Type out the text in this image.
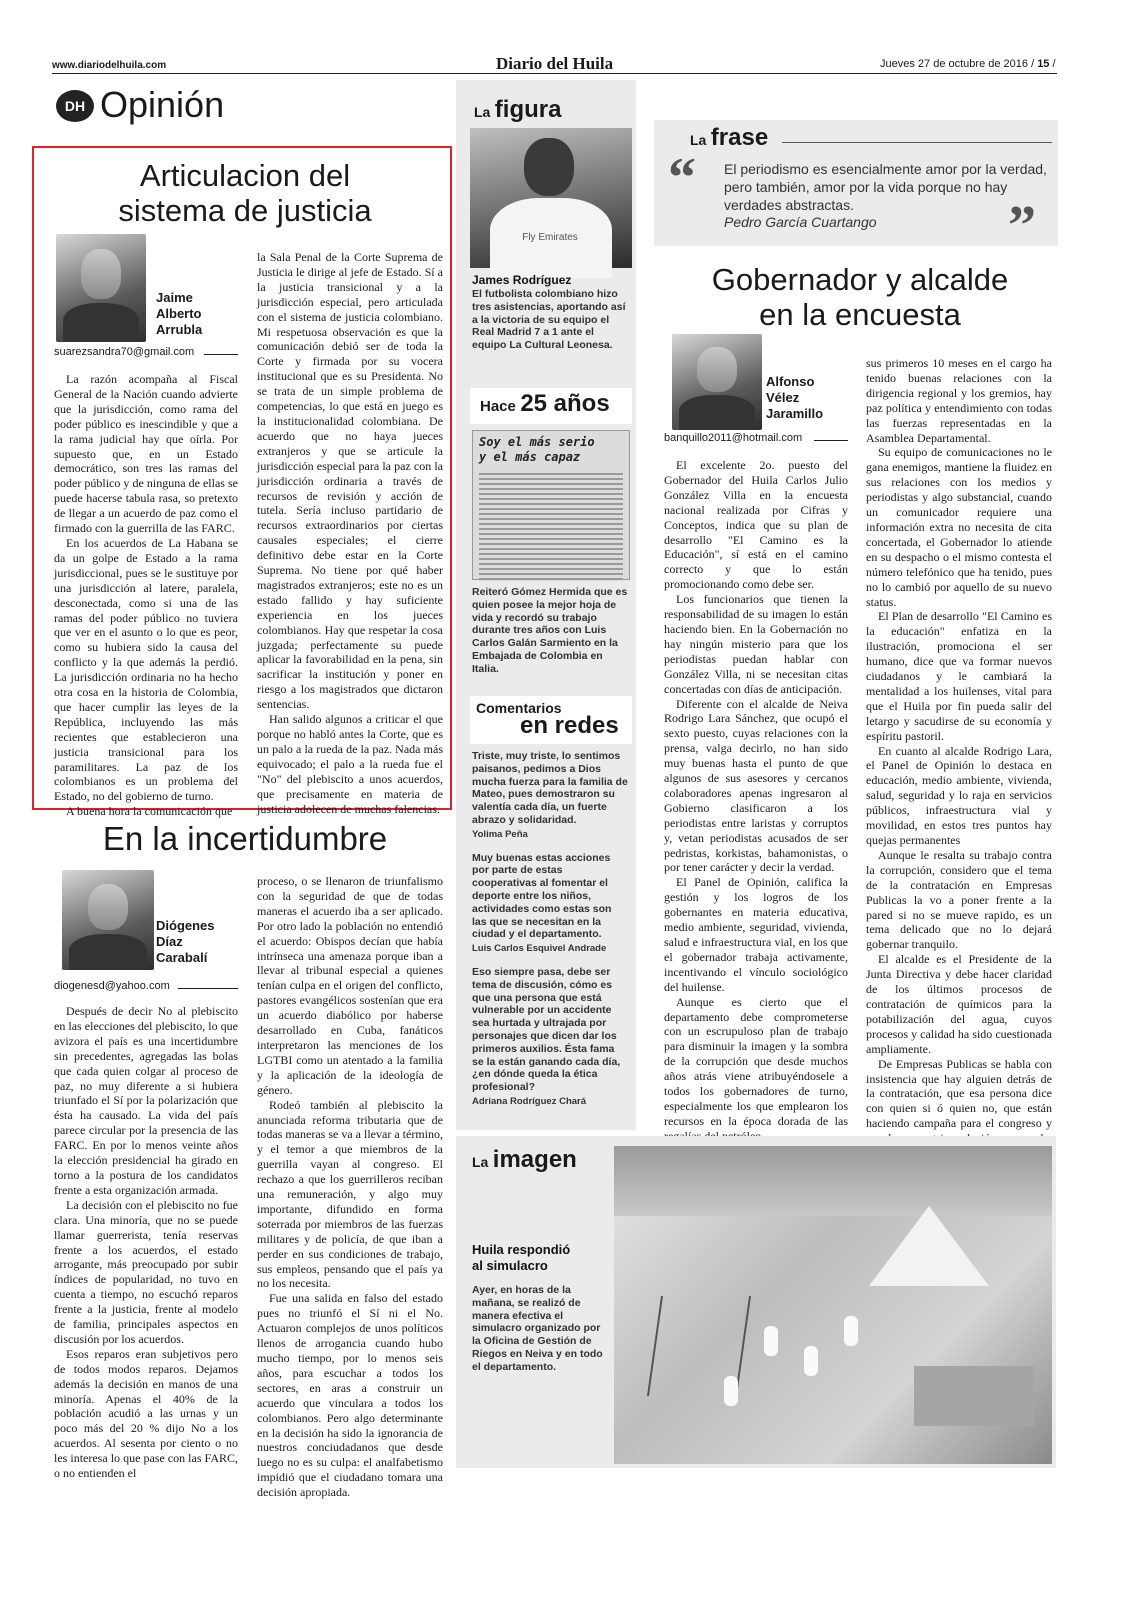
www.diariodelhuila.com	Diario del Huila	Jueves 27 de octubre de 2016 / 15 /
DH Opinión
Articulacion del
sistema de justicia
Jaime
Alberto
Arrubla
suarezsandra70@gmail.com

La razón acompaña al Fiscal General de la Nación cuando advierte que la jurisdicción, como rama del poder público es inescindible y que a la rama judicial hay que oírla. Por supuesto que, en un Estado democrático, son tres las ramas del poder público y de ninguna de ellas se puede hacerse tabula rasa, so pretexto de llegar a un acuerdo de paz como el firmado con la guerrilla de las FARC.

En los acuerdos de La Habana se da un golpe de Estado a la rama jurisdiccional, pues se le sustituye por una jurisdicción al latere, paralela, desconectada, como si una de las ramas del poder público no tuviera que ver en el asunto o lo que es peor, como su hubiera sido la causa del conflicto y la que además la perdió. La jurisdicción ordinaria no ha hecho otra cosa en la historia de Colombia, que hacer cumplir las leyes de la República, incluyendo las más recientes que establecieron una justicia transicional para los paramilitares. La paz de los colombianos es un problema del Estado, no del gobierno de turno.

A buena hora la comunicación que

la Sala Penal de la Corte Suprema de Justicia le dirige al jefe de Estado. Sí a la justicia transicional y a la jurisdicción especial, pero articulada con el sistema de justicia colombiano. Mi respetuosa observación es que la comunicación debió ser de toda la Corte y firmada por su vocera institucional que es su Presidenta. No se trata de un simple problema de competencias, lo que está en juego es la institucionalidad colombiana. De acuerdo que no haya jueces extranjeros y que se articule la jurisdicción especial para la paz con la jurisdicción ordinaria a través de recursos de revisión y acción de tutela. Sería incluso partidario de recursos extraordinarios por ciertas causales especiales; el cierre definitivo debe estar en la Corte Suprema. No tiene por qué haber magistrados extranjeros; este no es un estado fallido y hay suficiente experiencia en los jueces colombianos. Hay que respetar la cosa juzgada; perfectamente su puede aplicar la favorabilidad en la pena, sin sacrificar la institución y poner en riesgo a los magistrados que dictaron sentencias.

Han salido algunos a criticar el que porque no habló antes la Corte, que es un palo a la rueda de la paz. Nada más equivocado; el palo a la rueda fue el "No" del plebiscito a unos acuerdos, que precisamente en materia de justicia adolecen de muchas falencias.

En la incertidumbre
Diógenes
Díaz
Carabalí
diogenesd@yahoo.com

Después de decir No al plebiscito en las elecciones del plebiscito, lo que avizora el país es una incertidumbre sin precedentes, agregadas las bolas que cada quien colgar al proceso de paz, no muy diferente a si hubiera triunfado el Sí por la polarización que ésta ha causado. La vida del país parece circular por la presencia de las FARC. En por lo menos veinte años la elección presidencial ha girado en torno a la postura de los candidatos frente a esta organización armada.

La decisión con el plebiscito no fue clara. Una minoría, que no se puede llamar guerrerista, tenía reservas frente a los acuerdos, el estado arrogante, más preocupado por subir índices de popularidad, no tuvo en cuenta a tiempo, no escuchó reparos frente a la justicia, frente al modelo de familia, principales aspectos en discusión por los acuerdos.

Esos reparos eran subjetivos pero de todos modos reparos. Dejamos además la decisión en manos de una minoría. Apenas el 40% de la población acudió a las urnas y un poco más del 20 % dijo No a los acuerdos. Al sesenta por ciento o no les interesa lo que pase con las FARC, o no entienden el

proceso, o se llenaron de triunfalismo con la seguridad de que de todas maneras el acuerdo iba a ser aplicado. Por otro lado la población no entendió el acuerdo: Obispos decían que había intrínseca una amenaza porque iban a llevar al tribunal especial a quienes tenían culpa en el origen del conflicto, pastores evangélicos sostenían que era un acuerdo diabólico por haberse desarrollado en Cuba, fanáticos interpretaron las menciones de los LGTBI como un atentado a la familia y la aplicación de la ideología de género.

Rodeó también al plebiscito la anunciada reforma tributaria que de todas maneras se va a llevar a término, y el temor a que miembros de la guerrilla vayan al congreso. El rechazo a que los guerrilleros reciban una remuneración, y algo muy importante, difundido en forma soterrada por miembros de las fuerzas militares y de policía, de que iban a perder en sus condiciones de trabajo, sus empleos, pensando que el país ya no los necesita.

Fue una salida en falso del estado pues no triunfó el Sí ni el No. Actuaron complejos de unos políticos llenos de arrogancia cuando hubo mucho tiempo, por lo menos seis años, para escuchar a todos los sectores, en aras a construir un acuerdo que vinculara a todos los colombianos. Pero algo determinante en la decisión ha sido la ignorancia de nuestros conciudadanos que desde luego no es su culpa: el analfabetismo impidió que el ciudadano tomara una decisión apropiada.

La figura
Fly Emirates
James Rodríguez
El futbolista colombiano hizo tres asistencias, aportando así a la victoria de su equipo el Real Madrid 7 a 1 ante el equipo La Cultural Leonesa.
Hace 25 años
Soy el más serio
y el más capaz
Reiteró Gómez Hermida que es quien posee la mejor hoja de vida y recordó su trabajo durante tres años con Luis Carlos Galán Sarmiento en la Embajada de Colombia en Italia.
Comentarios
en redes
Triste, muy triste, lo sentimos paisanos, pedimos a Dios mucha fuerza para la familia de Mateo, pues demostraron su valentía cada día, un fuerte abrazo y solidaridad.
Yolima Peña
Muy buenas estas acciones por parte de estas cooperativas al fomentar el deporte entre los niños, actividades como estas son las que se necesitan en la ciudad y el departamento.
Luis Carlos Esquivel Andrade
Eso siempre pasa, debe ser tema de discusión, cómo es que una persona que está vulnerable por un accidente sea hurtada y ultrajada por personajes que dicen dar los primeros auxilios. Ésta fama se la están ganando cada día, ¿en dónde queda la ética profesional?
Adriana Rodríguez Chará
La frase
“ El periodismo es esencialmente amor por la verdad, pero también, amor por la vida porque no hay verdades abstractas.
Pedro García Cuartango ”
Gobernador y alcalde
en la encuesta
Alfonso
Vélez
Jaramillo
banquillo2011@hotmail.com

El excelente 2o. puesto del Gobernador del Huila Carlos Julio González Villa en la encuesta nacional realizada por Cifras y Conceptos, indica que su plan de desarrollo "El Camino es la Educación", sí está en el camino correcto y que lo están promocionando como debe ser.

Los funcionarios que tienen la responsabilidad de su imagen lo están haciendo bien. En la Gobernación no hay ningún misterio para que los periodistas puedan hablar con González Villa, ni se necesitan citas concertadas con días de anticipación.

Diferente con el alcalde de Neiva Rodrigo Lara Sánchez, que ocupó el sexto puesto, cuyas relaciones con la prensa, valga decirlo, no han sido muy buenas hasta el punto de que algunos de sus asesores y cercanos colaboradores apenas ingresaron al Gobierno clasificaron a los periodistas entre laristas y corruptos y, vetan periodistas acusados de ser pedristas, korkistas, bahamonistas, o por tener carácter y decir la verdad.

El Panel de Opinión, califica la gestión y los logros de los gobernantes en materia educativa, medio ambiente, seguridad, vivienda, salud e infraestructura vial, en los que el gobernador trabaja activamente, incentivando el vínculo sociológico del huilense.

Aunque es cierto que el departamento debe comprometerse con un escrupuloso plan de trabajo para disminuir la imagen y la sombra de la corrupción que desde muchos años atrás viene atribuyéndosele a todos los gobernadores de turno, especialmente los que emplearon los recursos en la época dorada de las

sus primeros 10 meses en el cargo ha tenido buenas relaciones con la dirigencia regional y los gremios, hay paz política y entendimiento con todas las fuerzas representadas en la Asamblea Departamental.

Su equipo de comunicaciones no le gana enemigos, mantiene la fluidez en sus relaciones con los medios y periodistas y algo substancial, cuando un comunicador requiere una información extra no necesita de cita concertada, el Gobernador lo atiende en su despacho o el mismo contesta el número telefónico que ha tenido, pues no lo cambió por aquello de su nuevo status.

El Plan de desarrollo "El Camino es la educación" enfatiza en la ilustración, promociona el ser humano, dice que va formar nuevos ciudadanos y le cambiará la mentalidad a los huilenses, vital para que el Huila por fin pueda salir del letargo y sacudirse de su economía y espíritu pastoril.

En cuanto al alcalde Rodrigo Lara, el Panel de Opinión lo destaca en educación, medio ambiente, vivienda, salud, seguridad y lo raja en servicios públicos, infraestructura vial y movilidad, en estos tres puntos hay quejas permanentes

Aunque le resalta su trabajo contra la corrupción, considero que el tema de la contratación en Empresas Publicas la vo a poner frente a la pared si no se mueve rapido, es un tema delicado que no lo dejará gobernar tranquilo.

El alcalde es el Presidente de la Junta Directiva y debe hacer claridad de los últimos procesos de contratación de químicos para la potabilización del agua, cuyos procesos y calidad ha sido cuestionada ampliamente.

De Empresas Publicas se habla con insistencia que hay alguien detrás de la contratación, que esa persona dice con quien si ó quien no, que están haciendo campaña para el congreso y

La imagen
Huila respondió
al simulacro
Ayer, en horas de la mañana, se realizó de manera efectiva el simulacro organizado por la Oficina de Gestión de Riegos en Neiva y en todo el departamento.
